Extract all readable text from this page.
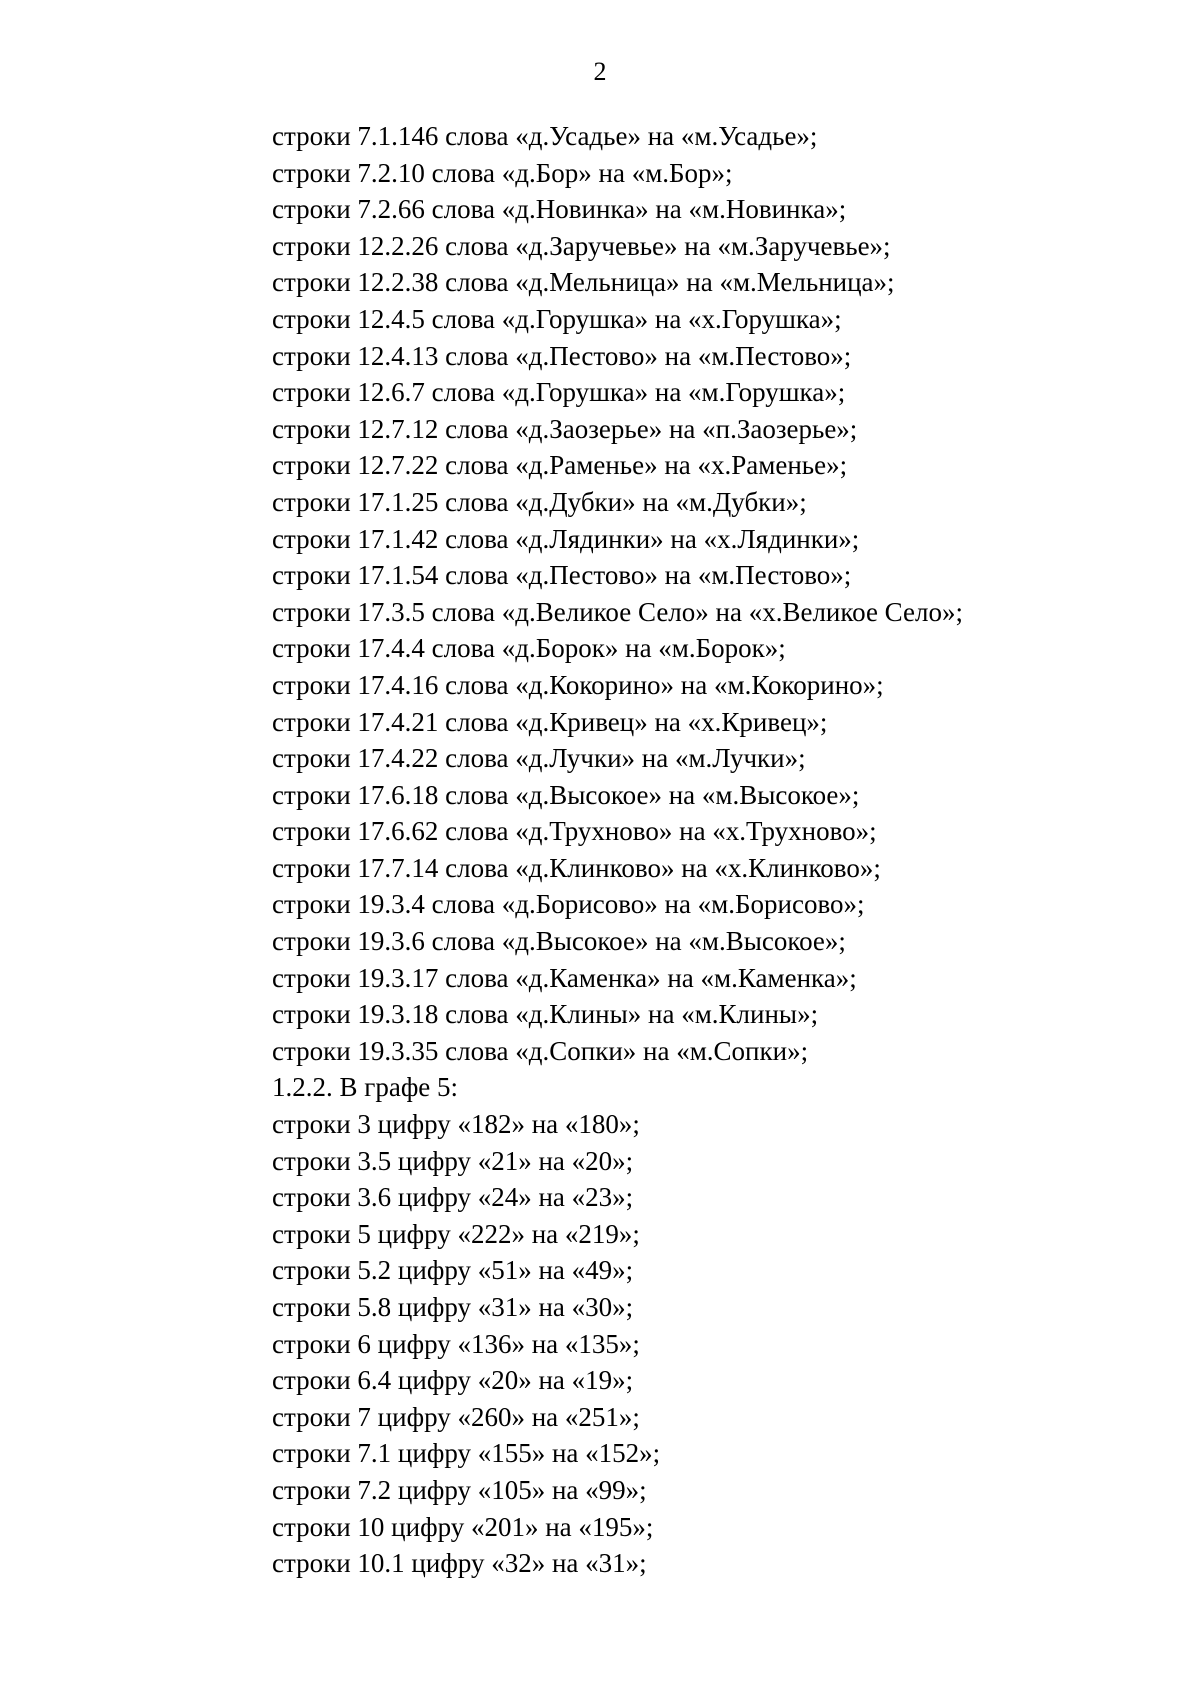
2
строки 7.1.146 слова «д.Усадье» на «м.Усадье»;
строки 7.2.10 слова «д.Бор» на «м.Бор»;
строки 7.2.66 слова «д.Новинка» на «м.Новинка»;
строки 12.2.26 слова «д.Заручевье» на «м.Заручевье»;
строки 12.2.38 слова «д.Мельница» на «м.Мельница»;
строки 12.4.5 слова «д.Горушка» на «х.Горушка»;
строки 12.4.13 слова «д.Пестово» на «м.Пестово»;
строки 12.6.7 слова «д.Горушка» на «м.Горушка»;
строки 12.7.12 слова «д.Заозерье» на «п.Заозерье»;
строки 12.7.22 слова «д.Раменье» на «х.Раменье»;
строки 17.1.25 слова «д.Дубки» на «м.Дубки»;
строки 17.1.42 слова «д.Лядинки» на «х.Лядинки»;
строки 17.1.54 слова «д.Пестово» на «м.Пестово»;
строки 17.3.5 слова «д.Великое Село» на «х.Великое Село»;
строки 17.4.4 слова «д.Борок» на «м.Борок»;
строки 17.4.16 слова «д.Кокорино» на «м.Кокорино»;
строки 17.4.21 слова «д.Кривец» на «х.Кривец»;
строки 17.4.22 слова «д.Лучки» на «м.Лучки»;
строки 17.6.18 слова «д.Высокое» на «м.Высокое»;
строки 17.6.62 слова «д.Трухново» на «х.Трухново»;
строки 17.7.14 слова «д.Клинково» на «х.Клинково»;
строки 19.3.4 слова «д.Борисово» на «м.Борисово»;
строки 19.3.6 слова «д.Высокое» на «м.Высокое»;
строки 19.3.17 слова «д.Каменка» на «м.Каменка»;
строки 19.3.18 слова «д.Клины» на «м.Клины»;
строки 19.3.35 слова «д.Сопки» на «м.Сопки»;
1.2.2. В графе 5:
строки 3 цифру «182» на «180»;
строки 3.5 цифру «21» на «20»;
строки 3.6 цифру «24» на «23»;
строки 5 цифру «222» на «219»;
строки 5.2 цифру «51» на «49»;
строки 5.8 цифру «31» на «30»;
строки 6 цифру «136» на «135»;
строки 6.4 цифру «20» на «19»;
строки 7 цифру «260» на «251»;
строки 7.1 цифру «155» на «152»;
строки 7.2 цифру «105» на «99»;
строки 10 цифру «201» на «195»;
строки 10.1 цифру «32» на «31»;
